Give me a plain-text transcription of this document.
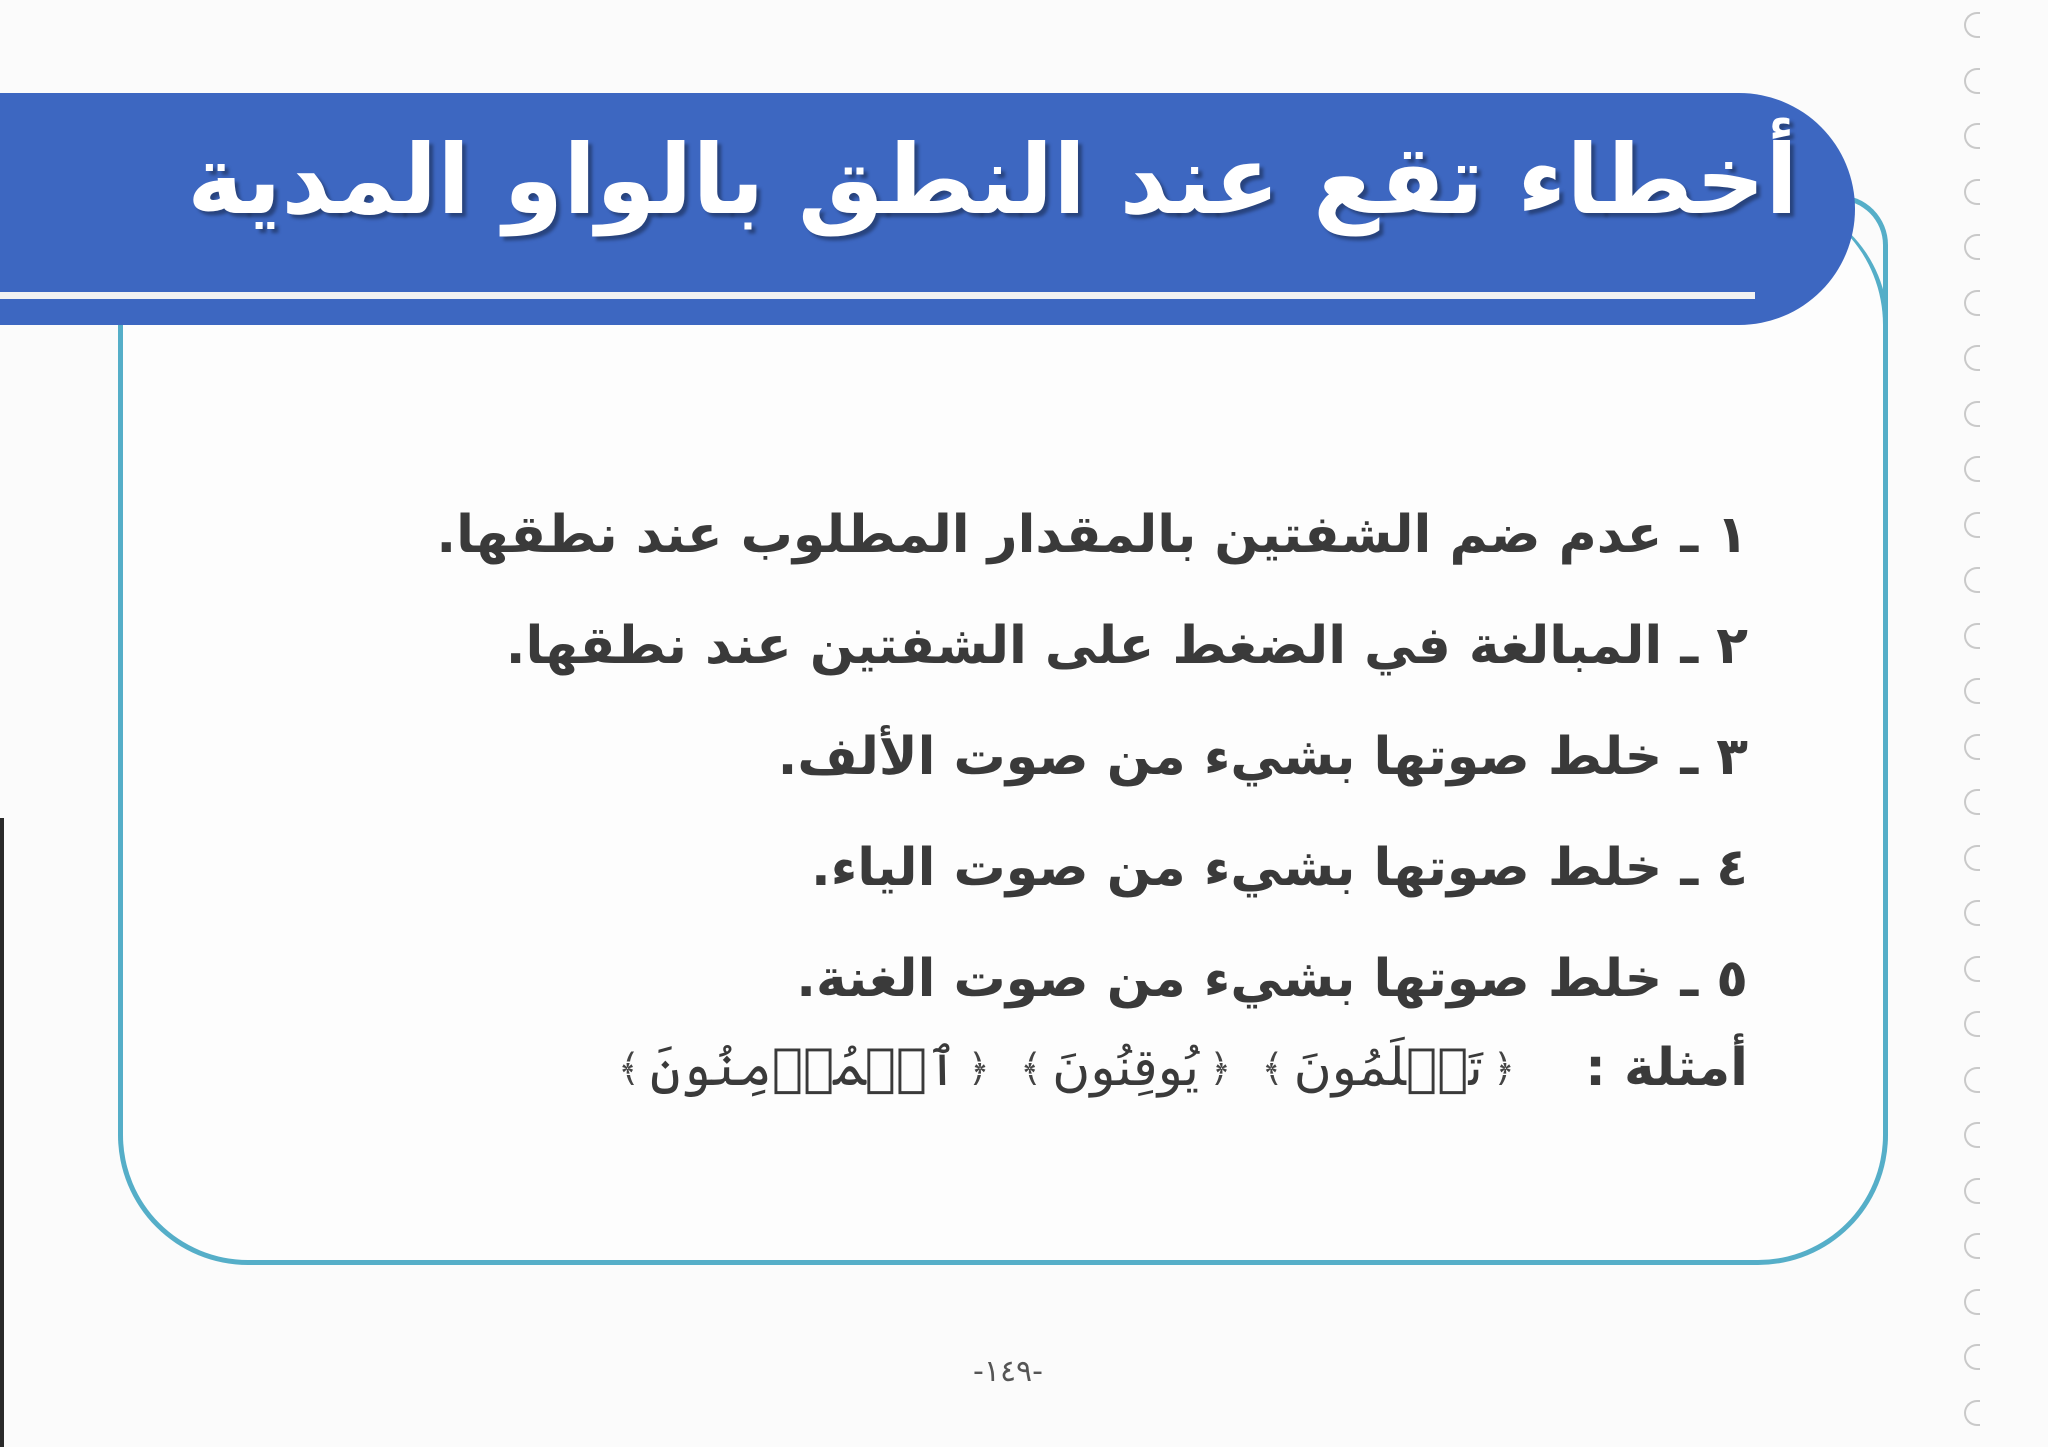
أخطاء تقع عند النطق بالواو المدية
١ ـ عدم ضم الشفتين بالمقدار المطلوب عند نطقها.
٢ ـ المبالغة في الضغط على الشفتين عند نطقها.
٣ ـ خلط صوتها بشيء من صوت الألف.
٤ ـ خلط صوتها بشيء من صوت الياء.
٥ ـ خلط صوتها بشيء من صوت الغنة.
أمثلة :
﴿
تَعۡلَمُونَ
﴾
﴿
يُوقِنُونَ
﴾
﴿
ٱلۡمُؤۡمِنُونَ
﴾
-١٤٩-
